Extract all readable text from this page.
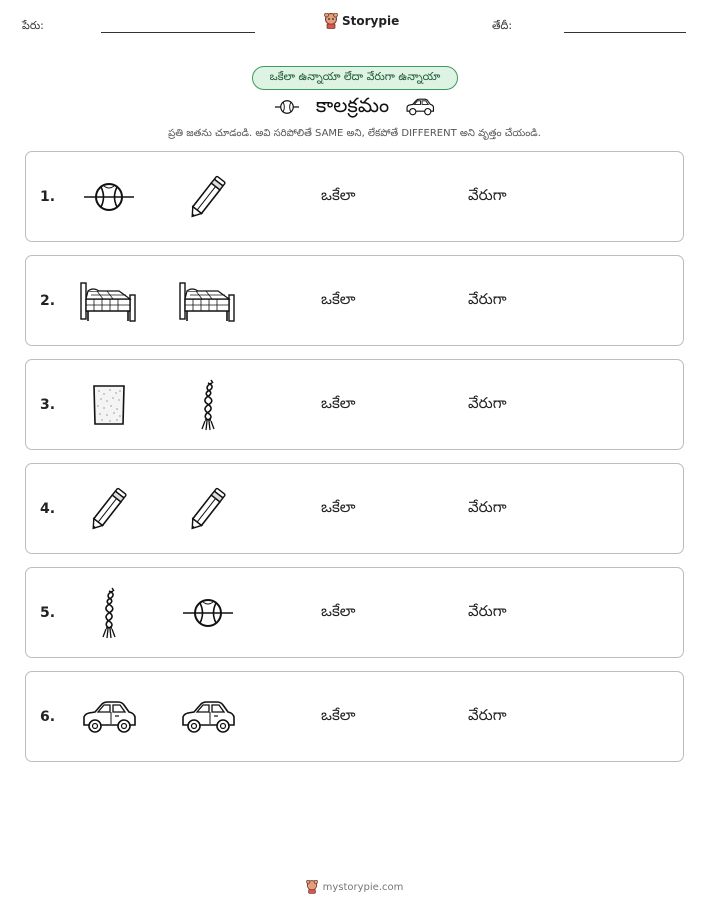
పేరు:	Storypie	తేదీ:
ఒకేలా ఉన్నాయా లేదా వేరుగా ఉన్నాయా
కాలక్రమం
ప్రతి జతను చూడండి. అవి సరిపోలితే SAME అని, లేకపోతే DIFFERENT అని వృత్తం చేయండి.
1.	ఒకేలా	వేరుగా
2.	ఒకేలా	వేరుగా
3.	ఒకేలా	వేరుగా
4.	ఒకేలా	వేరుగా
5.	ఒకేలా	వేరుగా
6.	ఒకేలా	వేరుగా
mystorypie.com
